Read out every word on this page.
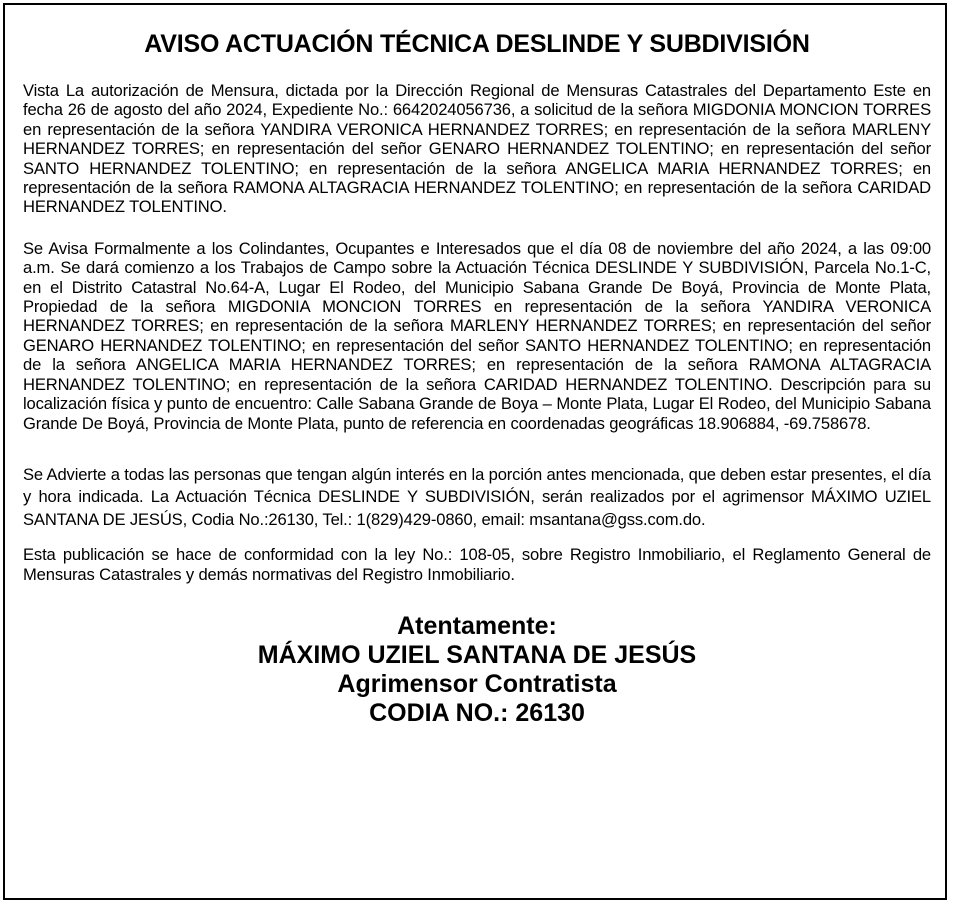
AVISO ACTUACIÓN TÉCNICA DESLINDE Y SUBDIVISIÓN

Vista La autorización de Mensura, dictada por la Dirección Regional de Mensuras Catastrales del Departamento Este en fecha 26 de agosto del año 2024, Expediente No.: 6642024056736, a solicitud de la señora MIGDONIA MONCION TORRES en representación de la señora YANDIRA VERONICA HERNANDEZ TORRES; en representación de la señora MARLENY HERNANDEZ TORRES; en representación del señor GENARO HERNANDEZ TOLENTINO; en representación del señor SANTO HERNANDEZ TOLENTINO; en representación de la señora ANGELICA MARIA HERNANDEZ TORRES; en representación de la señora RAMONA ALTAGRACIA HERNANDEZ TOLENTINO; en representación de la señora CARIDAD HERNANDEZ TOLENTINO.

Se Avisa Formalmente a los Colindantes, Ocupantes e Interesados que el día 08 de noviembre del año 2024, a las 09:00 a.m. Se dará comienzo a los Trabajos de Campo sobre la Actuación Técnica DESLINDE Y SUBDIVISIÓN, Parcela No.1-C, en el Distrito Catastral No.64-A, Lugar El Rodeo, del Municipio Sabana Grande De Boyá, Provincia de Monte Plata, Propiedad de la señora MIGDONIA MONCION TORRES en representación de la señora YANDIRA VERONICA HERNANDEZ TORRES; en representación de la señora MARLENY HERNANDEZ TORRES; en representación del señor GENARO HERNANDEZ TOLENTINO; en representación del señor SANTO HERNANDEZ TOLENTINO; en representación de la señora ANGELICA MARIA HERNANDEZ TORRES; en representación de la señora RAMONA ALTAGRACIA HERNANDEZ TOLENTINO; en representación de la señora CARIDAD HERNANDEZ TOLENTINO. Descripción para su localización física y punto de encuentro: Calle Sabana Grande de Boya – Monte Plata, Lugar El Rodeo, del Municipio Sabana Grande De Boyá, Provincia de Monte Plata, punto de referencia en coordenadas geográficas 18.906884, -69.758678.

Se Advierte a todas las personas que tengan algún interés en la porción antes mencionada, que deben estar presentes, el día y hora indicada. La Actuación Técnica DESLINDE Y SUBDIVISIÓN, serán realizados por el agrimensor MÁXIMO UZIEL SANTANA DE JESÚS, Codia No.:26130, Tel.: 1(829)429-0860, email: msantana@gss.com.do.

Esta publicación se hace de conformidad con la ley No.: 108-05, sobre Registro Inmobiliario, el Reglamento General de Mensuras Catastrales y demás normativas del Registro Inmobiliario.

Atentamente:
MÁXIMO UZIEL SANTANA DE JESÚS
Agrimensor Contratista
CODIA NO.: 26130
